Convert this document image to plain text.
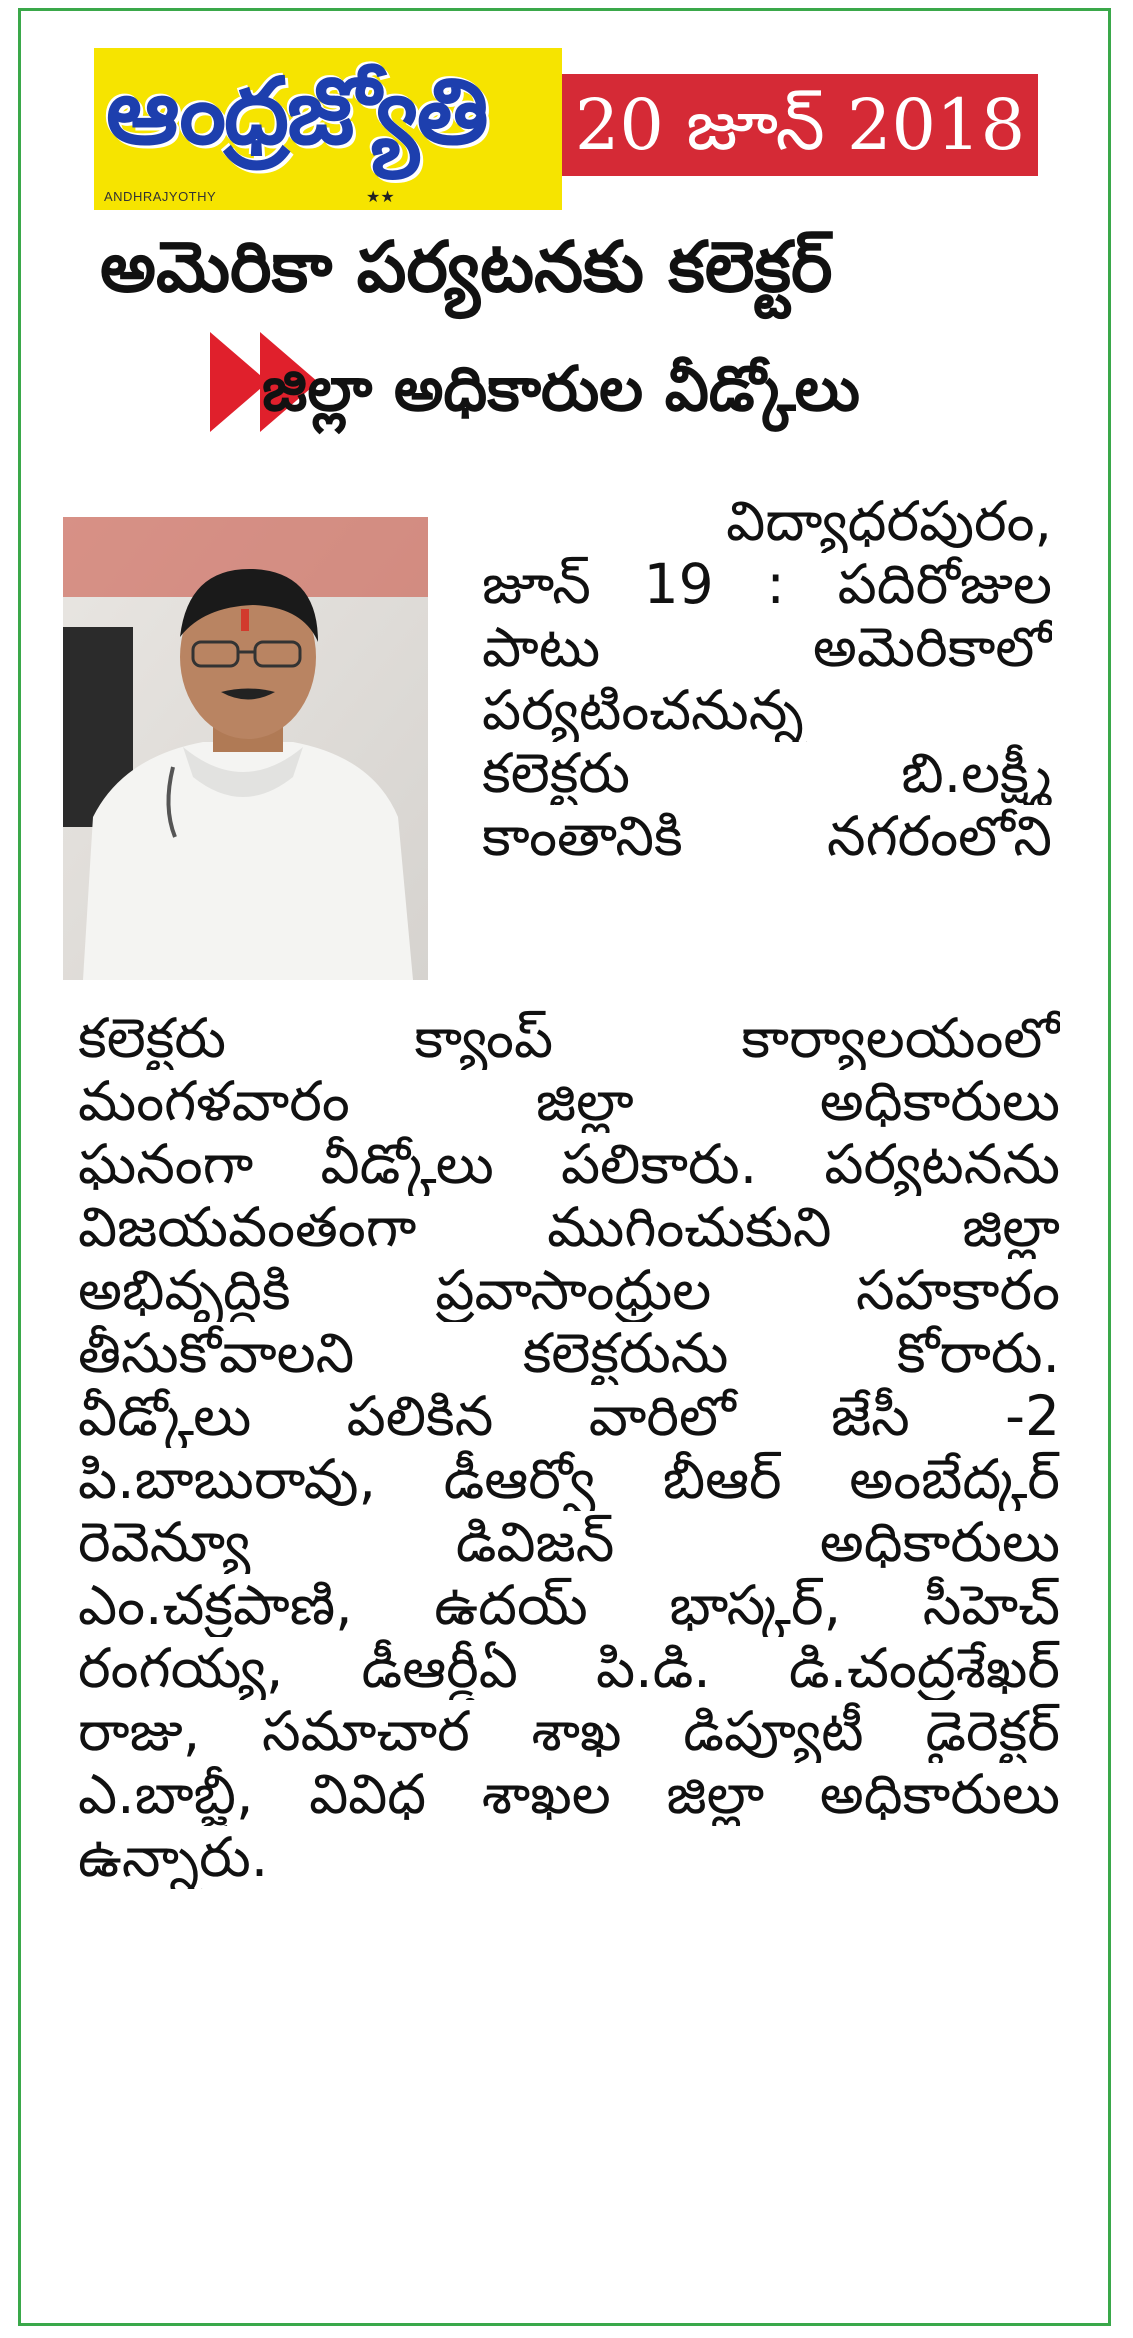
ఆంధ్రజ్యోతి
ANDHRAJYOTHY	★★
20 జూన్ 2018
అమెరికా పర్యటనకు కలెక్టర్
జిల్లా అధికారుల వీడ్కోలు
విద్యాధరపురం,
జూన్ 19 : పదిరోజుల
పాటు అమెరికాలో
పర్యటించనున్న
కలెక్టరు బి.లక్ష్మీ
కాంతానికి నగరంలోని
కలెక్టరు క్యాంప్ కార్యాలయంలో
మంగళవారం జిల్లా అధికారులు
ఘనంగా వీడ్కోలు పలికారు. పర్యటనను
విజయవంతంగా ముగించుకుని జిల్లా
అభివృద్ధికి ప్రవాసాంధ్రుల సహకారం
తీసుకోవాలని కలెక్టరును కోరారు.
వీడ్కోలు పలికిన వారిలో జేసీ -2
పి.బాబురావు, డీఆర్వో బీఆర్ అంబేద్కర్
రెవెన్యూ డివిజన్ అధికారులు
ఎం.చక్రపాణి, ఉదయ్ భాస్కర్, సీహెచ్
రంగయ్య, డీఆర్డీఏ పి.డి. డి.చంద్రశేఖర్
రాజు, సమాచార శాఖ డిప్యూటీ డైరెక్టర్
ఎ.బాబ్జీ, వివిధ శాఖల జిల్లా అధికారులు
ఉన్నారు.
